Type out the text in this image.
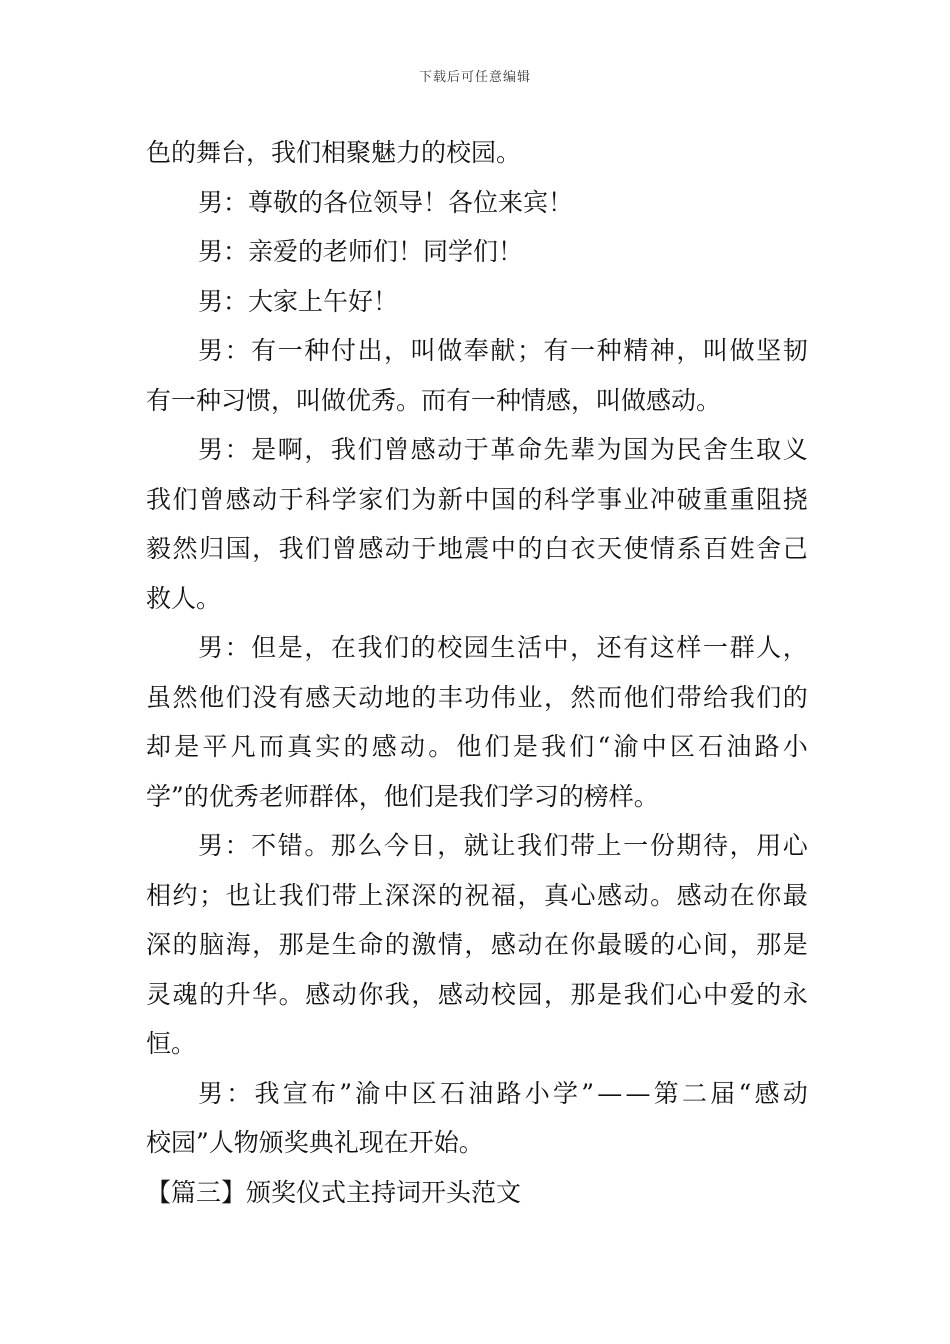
下载后可任意编辑
色的舞台，我们相聚魅力的校园。
男：尊敬的各位领导！各位来宾！
男：亲爱的老师们！同学们！
男：大家上午好！
男 ： 有 一 种 付 出 ， 叫 做 奉 献 ； 有 一 种 精 神 ， 叫 做 坚 韧
有一种习惯，叫做优秀。而有一种情感，叫做感动。
男 ： 是 啊 ， 我 们 曾 感 动 于 革 命 先 辈 为 国 为 民 舍 生 取 义
我 们 曾 感 动 于 科 学 家 们 为 新 中 国 的 科 学 事 业 冲 破 重 重 阻 挠
毅 然 归 国 ， 我 们 曾 感 动 于 地 震 中 的 白 衣 天 使 情 系 百 姓 舍 己
救人。
男 ： 但 是 ， 在 我 们 的 校 园 生 活 中 ， 还 有 这 样 一 群 人 ，
虽 然 他 们 没 有 感 天 动 地 的 丰 功 伟 业 ， 然 而 他 们 带 给 我 们 的
却 是 平 凡 而 真 实 的 感 动 。 他 们 是 我 们 “ 渝 中 区 石 油 路 小
学”的优秀老师群体，他们是我们学习的榜样。
男 ： 不 错 。 那 么 今 日 ， 就 让 我 们 带 上 一 份 期 待 ， 用 心
相 约 ； 也 让 我 们 带 上 深 深 的 祝 福 ， 真 心 感 动 。 感 动 在 你 最
深 的 脑 海 ， 那 是 生 命 的 激 情 ， 感 动 在 你 最 暖 的 心 间 ， 那 是
灵 魂 的 升 华 。 感 动 你 我 ， 感 动 校 园 ， 那 是 我 们 心 中 爱 的 永
恒。
男 ： 我 宣 布 ” 渝 中 区 石 油 路 小 学 ” — — 第 二 届 “ 感 动
校园”人物颁奖典礼现在开始。
【篇三】颁奖仪式主持词开头范文
